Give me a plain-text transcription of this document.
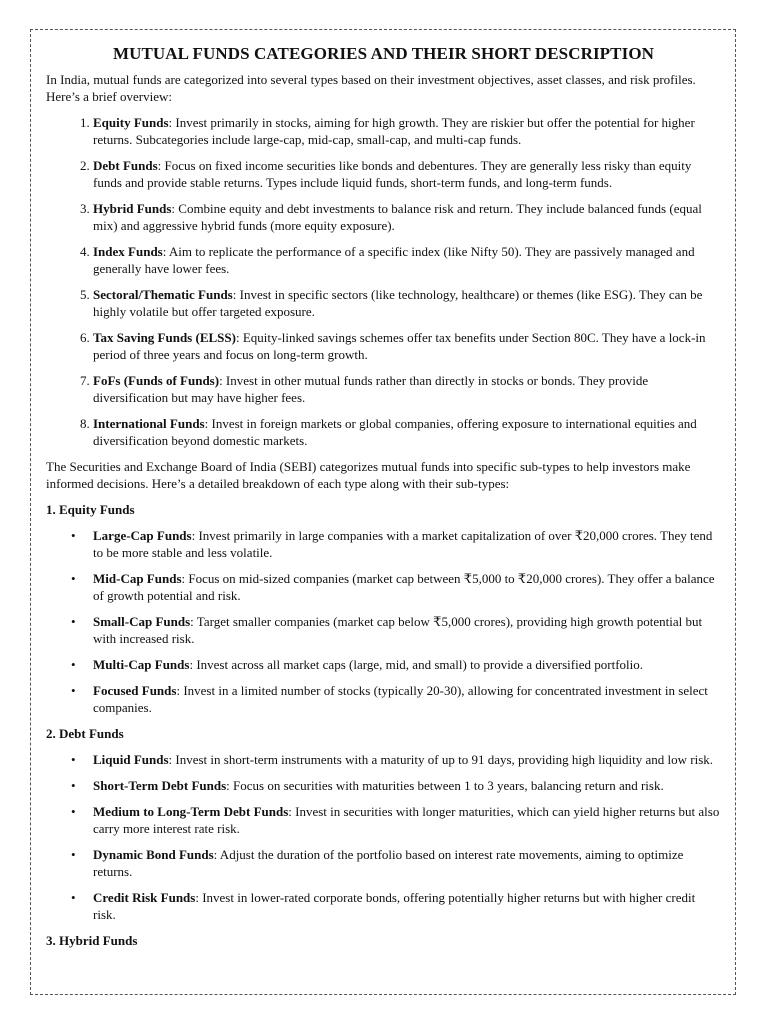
MUTUAL FUNDS CATEGORIES AND THEIR SHORT DESCRIPTION

In India, mutual funds are categorized into several types based on their investment objectives, asset classes, and risk profiles. Here’s a brief overview:

1. Equity Funds: Invest primarily in stocks, aiming for high growth. They are riskier but offer the potential for higher returns. Subcategories include large-cap, mid-cap, small-cap, and multi-cap funds.
2. Debt Funds: Focus on fixed income securities like bonds and debentures. They are generally less risky than equity funds and provide stable returns. Types include liquid funds, short-term funds, and long-term funds.
3. Hybrid Funds: Combine equity and debt investments to balance risk and return. They include balanced funds (equal mix) and aggressive hybrid funds (more equity exposure).
4. Index Funds: Aim to replicate the performance of a specific index (like Nifty 50). They are passively managed and generally have lower fees.
5. Sectoral/Thematic Funds: Invest in specific sectors (like technology, healthcare) or themes (like ESG). They can be highly volatile but offer targeted exposure.
6. Tax Saving Funds (ELSS): Equity-linked savings schemes offer tax benefits under Section 80C. They have a lock-in period of three years and focus on long-term growth.
7. FoFs (Funds of Funds): Invest in other mutual funds rather than directly in stocks or bonds. They provide diversification but may have higher fees.
8. International Funds: Invest in foreign markets or global companies, offering exposure to international equities and diversification beyond domestic markets.

The Securities and Exchange Board of India (SEBI) categorizes mutual funds into specific sub-types to help investors make informed decisions. Here’s a detailed breakdown of each type along with their sub-types:

1. Equity Funds
• Large-Cap Funds: Invest primarily in large companies with a market capitalization of over ₹20,000 crores. They tend to be more stable and less volatile.
• Mid-Cap Funds: Focus on mid-sized companies (market cap between ₹5,000 to ₹20,000 crores). They offer a balance of growth potential and risk.
• Small-Cap Funds: Target smaller companies (market cap below ₹5,000 crores), providing high growth potential but with increased risk.
• Multi-Cap Funds: Invest across all market caps (large, mid, and small) to provide a diversified portfolio.
• Focused Funds: Invest in a limited number of stocks (typically 20-30), allowing for concentrated investment in select companies.
2. Debt Funds
• Liquid Funds: Invest in short-term instruments with a maturity of up to 91 days, providing high liquidity and low risk.
• Short-Term Debt Funds: Focus on securities with maturities between 1 to 3 years, balancing return and risk.
• Medium to Long-Term Debt Funds: Invest in securities with longer maturities, which can yield higher returns but also carry more interest rate risk.
• Dynamic Bond Funds: Adjust the duration of the portfolio based on interest rate movements, aiming to optimize returns.
• Credit Risk Funds: Invest in lower-rated corporate bonds, offering potentially higher returns but with higher credit risk.
3. Hybrid Funds
